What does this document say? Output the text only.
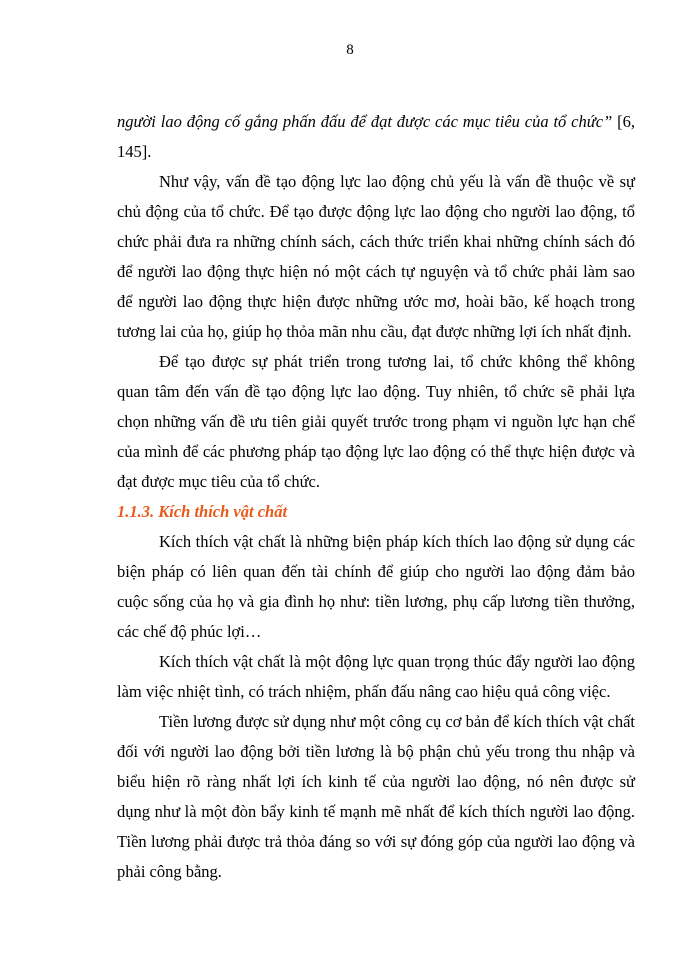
8

người lao động cố gắng phấn đấu để đạt được các mục tiêu của tổ chức” [6, 145].

Như vậy, vấn đề tạo động lực lao động chủ yếu là vấn đề thuộc về sự chủ động của tổ chức. Để tạo được động lực lao động cho người lao động, tổ chức phải đưa ra những chính sách, cách thức triển khai những chính sách đó để người lao động thực hiện nó một cách tự nguyện và tổ chức phải làm sao để người lao động thực hiện được những ước mơ, hoài bão, kế hoạch trong tương lai của họ, giúp họ thỏa mãn nhu cầu, đạt được những lợi ích nhất định.

Để tạo được sự phát triển trong tương lai, tổ chức không thể không quan tâm đến vấn đề tạo động lực lao động. Tuy nhiên, tổ chức sẽ phải lựa chọn những vấn đề ưu tiên giải quyết trước trong phạm vi nguồn lực hạn chế của mình để các phương pháp tạo động lực lao động có thể thực hiện được và đạt được mục tiêu của tổ chức.

1.1.3. Kích thích vật chất

Kích thích vật chất là những biện pháp kích thích lao động sử dụng các biện pháp có liên quan đến tài chính để giúp cho người lao động đảm bảo cuộc sống của họ và gia đình họ như: tiền lương, phụ cấp lương tiền thưởng, các chế độ phúc lợi…

Kích thích vật chất là một động lực quan trọng thúc đẩy người lao động làm việc nhiệt tình, có trách nhiệm, phấn đấu nâng cao hiệu quả công việc.

Tiền lương được sử dụng như một công cụ cơ bản để kích thích vật chất đối với người lao động bởi tiền lương là bộ phận chủ yếu trong thu nhập và biểu hiện rõ ràng nhất lợi ích kinh tế của người lao động, nó nên được sử dụng như là một đòn bẩy kinh tế mạnh mẽ nhất để kích thích người lao động. Tiền lương phải được trả thỏa đáng so với sự đóng góp của người lao động và phải công bằng.
